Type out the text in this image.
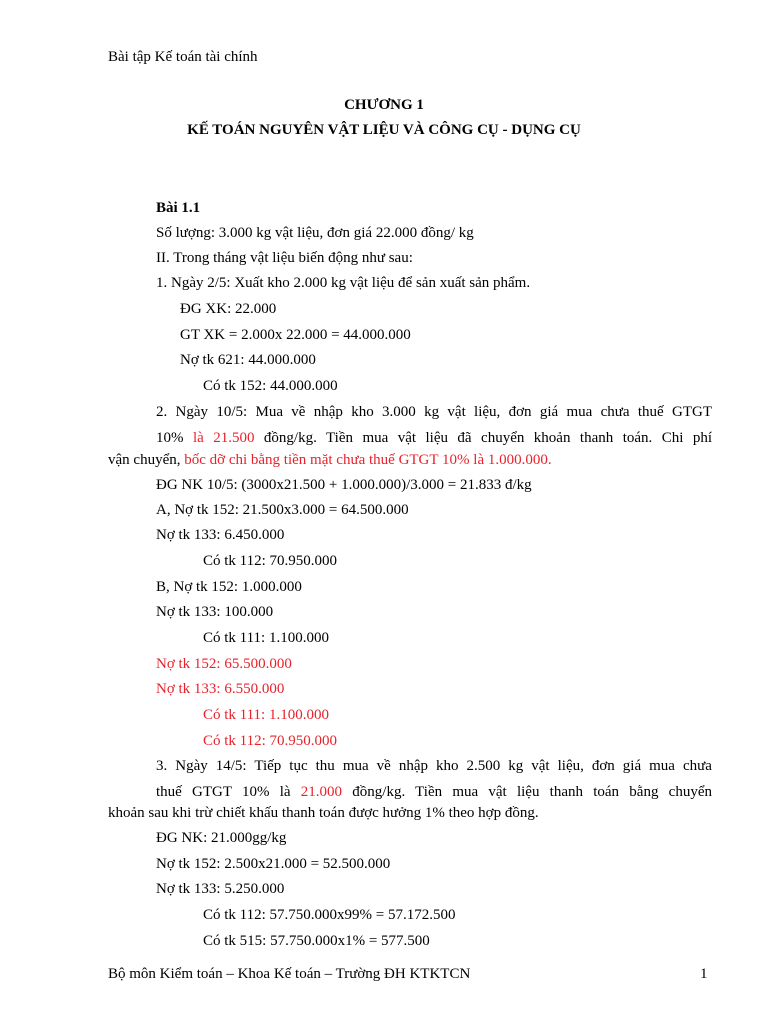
Bài tập Kế toán tài chính
CHƯƠNG 1
KẾ TOÁN NGUYÊN VẬT LIỆU VÀ CÔNG CỤ - DỤNG CỤ
Bài 1.1
Số lượng: 3.000 kg vật liệu, đơn giá 22.000 đồng/ kg
II. Trong tháng vật liệu biến động như sau:
1. Ngày 2/5: Xuất kho 2.000 kg vật liệu để sản xuất sản phẩm.
ĐG XK: 22.000
GT XK = 2.000x 22.000 = 44.000.000
Nợ tk 621: 44.000.000
Có tk 152: 44.000.000
2. Ngày 10/5: Mua về nhập kho 3.000 kg vật liệu, đơn giá mua chưa thuế GTGT
10% là 21.500 đồng/kg. Tiền mua vật liệu đã chuyển khoản thanh toán. Chi phí
vận chuyển, bốc dỡ chi bằng tiền mặt chưa thuế GTGT 10% là 1.000.000.
ĐG NK 10/5: (3000x21.500 + 1.000.000)/3.000 = 21.833 đ/kg
A, Nợ tk 152: 21.500x3.000 = 64.500.000
Nợ tk 133: 6.450.000
Có tk 112: 70.950.000
B, Nợ tk 152: 1.000.000
Nợ tk 133: 100.000
Có tk 111: 1.100.000
Nợ tk 152: 65.500.000
Nợ tk 133: 6.550.000
Có tk 111: 1.100.000
Có tk 112: 70.950.000
3. Ngày 14/5: Tiếp tục thu mua về nhập kho 2.500 kg vật liệu, đơn giá mua chưa
thuế GTGT 10% là 21.000 đồng/kg. Tiền mua vật liệu thanh toán bằng chuyển
khoản sau khi trừ chiết khấu thanh toán được hưởng 1% theo hợp đồng.
ĐG NK: 21.000gg/kg
Nợ tk 152: 2.500x21.000 = 52.500.000
Nợ tk 133: 5.250.000
Có tk 112: 57.750.000x99% = 57.172.500
Có tk 515: 57.750.000x1% = 577.500
Bộ môn Kiểm toán – Khoa Kế toán – Trường ĐH KTKTCN	1
